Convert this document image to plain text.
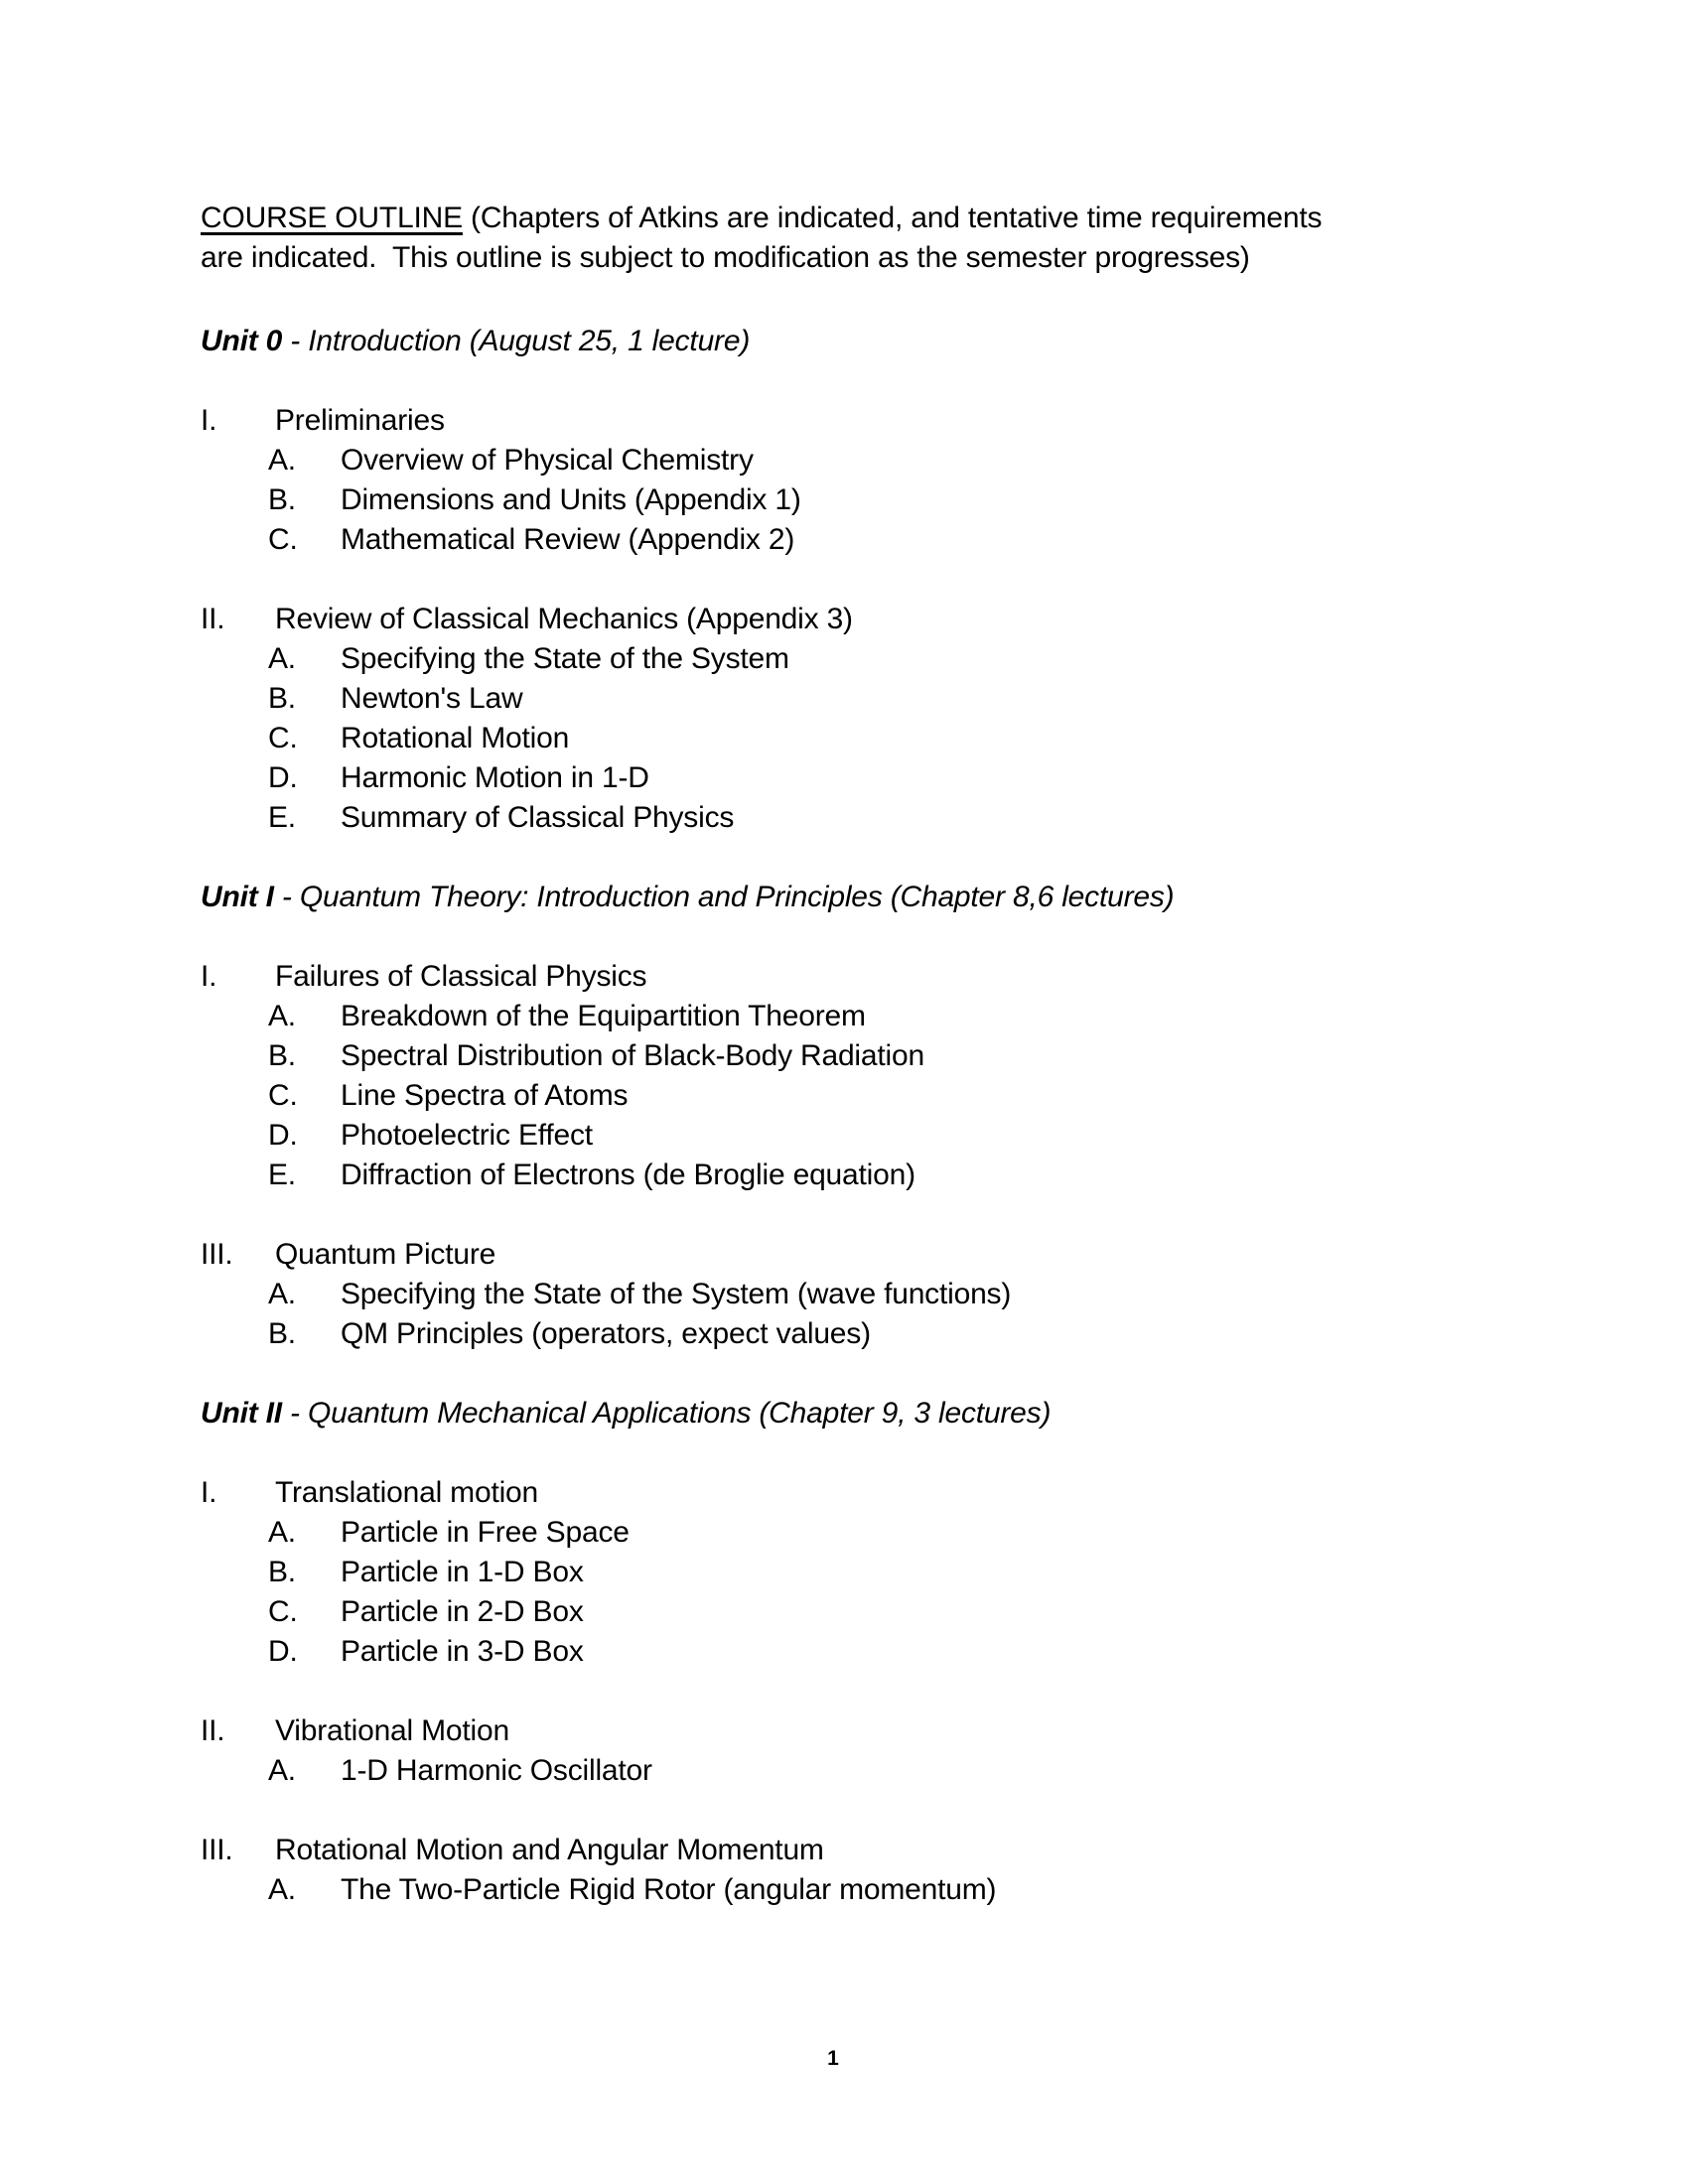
COURSE OUTLINE (Chapters of Atkins are indicated, and tentative time requirements
are indicated.  This outline is subject to modification as the semester progresses)
Unit 0 - Introduction (August 25, 1 lecture)
I.	Preliminaries
A.	Overview of Physical Chemistry
B.	Dimensions and Units (Appendix 1)
C.	Mathematical Review (Appendix 2)
II.	Review of Classical Mechanics (Appendix 3)
A.	Specifying the State of the System
B.	Newton's Law
C.	Rotational Motion
D.	Harmonic Motion in 1-D
E.	Summary of Classical Physics
Unit I - Quantum Theory: Introduction and Principles (Chapter 8,6 lectures)
I.	Failures of Classical Physics
A.	Breakdown of the Equipartition Theorem
B.	Spectral Distribution of Black-Body Radiation
C.	Line Spectra of Atoms
D.	Photoelectric Effect
E.	Diffraction of Electrons (de Broglie equation)
III.	Quantum Picture
A.	Specifying the State of the System (wave functions)
B.	QM Principles (operators, expect values)
Unit II - Quantum Mechanical Applications (Chapter 9, 3 lectures)
I.	Translational motion
A.	Particle in Free Space
B.	Particle in 1-D Box
C.	Particle in 2-D Box
D.	Particle in 3-D Box
II.	Vibrational Motion
A.	1-D Harmonic Oscillator
III.	Rotational Motion and Angular Momentum
A.	The Two-Particle Rigid Rotor (angular momentum)
1
